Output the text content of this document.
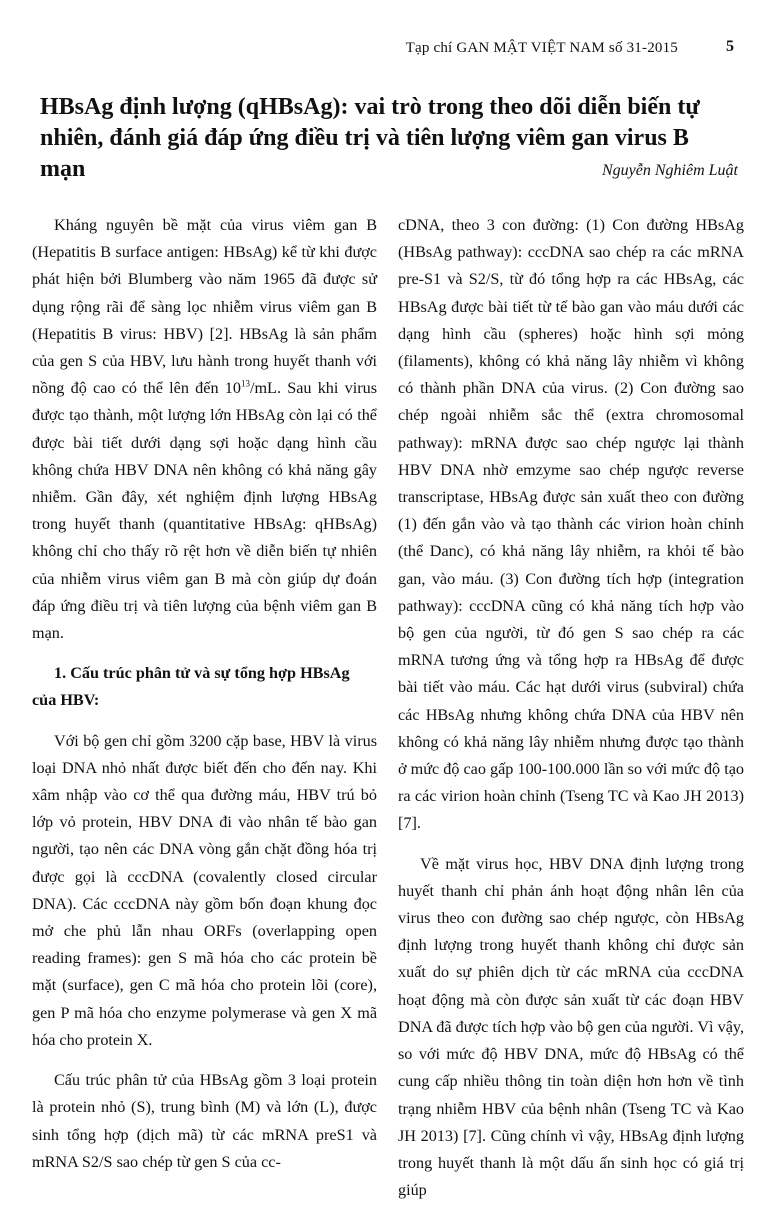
Tạp chí GAN MẬT VIỆT NAM số 31-2015	5
HBsAg định lượng (qHBsAg): vai trò trong theo dõi diễn biến tự nhiên, đánh giá đáp ứng điều trị và tiên lượng viêm gan virus B mạn	Nguyễn Nghiêm Luật

Kháng nguyên bề mặt của virus viêm gan B (Hepatitis B surface antigen: HBsAg) kể từ khi được phát hiện bởi Blumberg vào năm 1965 đã được sử dụng rộng rãi để sàng lọc nhiễm virus viêm gan B (Hepatitis B virus: HBV) [2]. HBsAg là sản phẩm của gen S của HBV, lưu hành trong huyết thanh với nồng độ cao có thể lên đến $10^{13}/mL$. Sau khi virus được tạo thành, một lượng lớn HBsAg còn lại có thể được bài tiết dưới dạng sợi hoặc dạng hình cầu không chứa HBV DNA nên không có khả năng gây nhiễm. Gần đây, xét nghiệm định lượng HBsAg trong huyết thanh (quantitative HBsAg: qHBsAg) không chỉ cho thấy rõ rệt hơn về diễn biến tự nhiên của nhiễm virus viêm gan B mà còn giúp dự đoán đáp ứng điều trị và tiên lượng của bệnh viêm gan B mạn.

1. Cấu trúc phân tử và sự tổng hợp HBsAg của HBV:

Với bộ gen chỉ gồm 3200 cặp base, HBV là virus loại DNA nhỏ nhất được biết đến cho đến nay. Khi xâm nhập vào cơ thể qua đường máu, HBV trú bỏ lớp vỏ protein, HBV DNA đi vào nhân tế bào gan người, tạo nên các DNA vòng gắn chặt đồng hóa trị được gọi là cccDNA (covalently closed circular DNA). Các cccDNA này gồm bốn đoạn khung đọc mở che phủ lẫn nhau ORFs (overlapping open reading frames): gen S mã hóa cho các protein bề mặt (surface), gen C mã hóa cho protein lõi (core), gen P mã hóa cho enzyme polymerase và gen X mã hóa cho protein X.

Cấu trúc phân tử của HBsAg gồm 3 loại protein là protein nhỏ (S), trung bình (M) và lớn (L), được sinh tổng hợp (dịch mã) từ các mRNA preS1 và mRNA S2/S sao chép từ gen S của cc-

cDNA, theo 3 con đường: (1) Con đường HBsAg (HBsAg pathway): cccDNA sao chép ra các mRNA pre-S1 và S2/S, từ đó tổng hợp ra các HBsAg, các HBsAg được bài tiết từ tế bào gan vào máu dưới các dạng hình cầu (spheres) hoặc hình sợi mỏng (filaments), không có khả năng lây nhiễm vì không có thành phần DNA của virus. (2) Con đường sao chép ngoài nhiễm sắc thể (extra chromosomal pathway): mRNA được sao chép ngược lại thành HBV DNA nhờ emzyme sao chép ngược reverse transcriptase, HBsAg được sản xuất theo con đường (1) đến gắn vào và tạo thành các virion hoàn chỉnh (thể Danc), có khả năng lây nhiễm, ra khỏi tế bào gan, vào máu. (3) Con đường tích hợp (integration pathway): cccDNA cũng có khả năng tích hợp vào bộ gen của người, từ đó gen S sao chép ra các mRNA tương ứng và tổng hợp ra HBsAg để được bài tiết vào máu. Các hạt dưới virus (subviral) chứa các HBsAg nhưng không chứa DNA của HBV nên không có khả năng lây nhiễm nhưng được tạo thành ở mức độ cao gấp 100-100.000 lần so với mức độ tạo ra các virion hoàn chỉnh (Tseng TC và Kao JH 2013) [7].

Về mặt virus học, HBV DNA định lượng trong huyết thanh chỉ phản ánh hoạt động nhân lên của virus theo con đường sao chép ngược, còn HBsAg định lượng trong huyết thanh không chỉ được sản xuất do sự phiên dịch từ các mRNA của cccDNA hoạt động mà còn được sản xuất từ các đoạn HBV DNA đã được tích hợp vào bộ gen của người. Vì vậy, so với mức độ HBV DNA, mức độ HBsAg có thể cung cấp nhiều thông tin toàn diện hơn hơn về tình trạng nhiễm HBV của bệnh nhân (Tseng TC và Kao JH 2013) [7]. Cũng chính vì vậy, HBsAg định lượng trong huyết thanh là một dấu ấn sinh học có giá trị giúp
